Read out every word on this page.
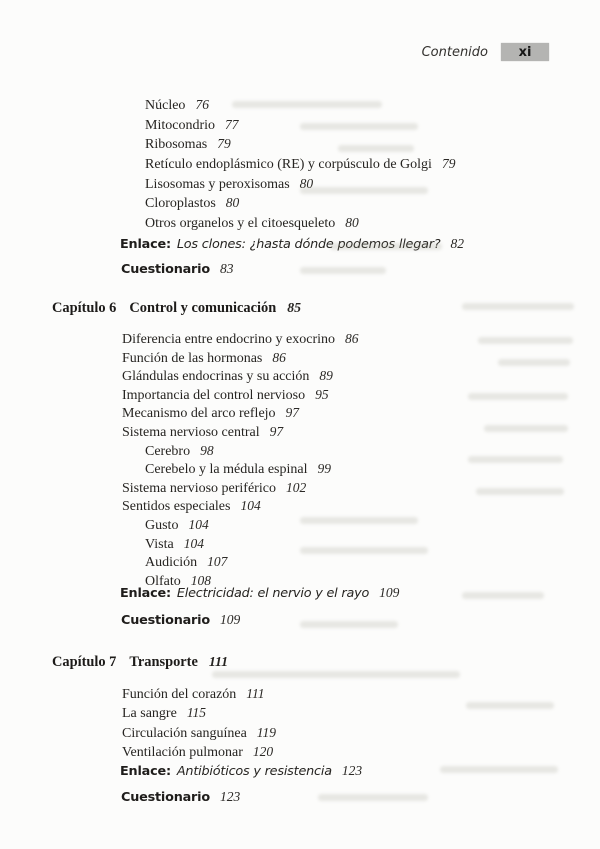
Contenido xi
Núcleo 76
Mitocondrio 77
Ribosomas 79
Retículo endoplásmico (RE) y corpúsculo de Golgi 79
Lisosomas y peroxisomas 80
Cloroplastos 80
Otros organelos y el citoesqueleto 80
Enlace: Los clones: ¿hasta dónde podemos llegar? 82
Cuestionario 83
Capítulo 6 Control y comunicación 85
Diferencia entre endocrino y exocrino 86
Función de las hormonas 86
Glándulas endocrinas y su acción 89
Importancia del control nervioso 95
Mecanismo del arco reflejo 97
Sistema nervioso central 97
Cerebro 98
Cerebelo y la médula espinal 99
Sistema nervioso periférico 102
Sentidos especiales 104
Gusto 104
Vista 104
Audición 107
Olfato 108
Enlace: Electricidad: el nervio y el rayo 109
Cuestionario 109
Capítulo 7 Transporte 111
Función del corazón 111
La sangre 115
Circulación sanguínea 119
Ventilación pulmonar 120
Enlace: Antibióticos y resistencia 123
Cuestionario 123
